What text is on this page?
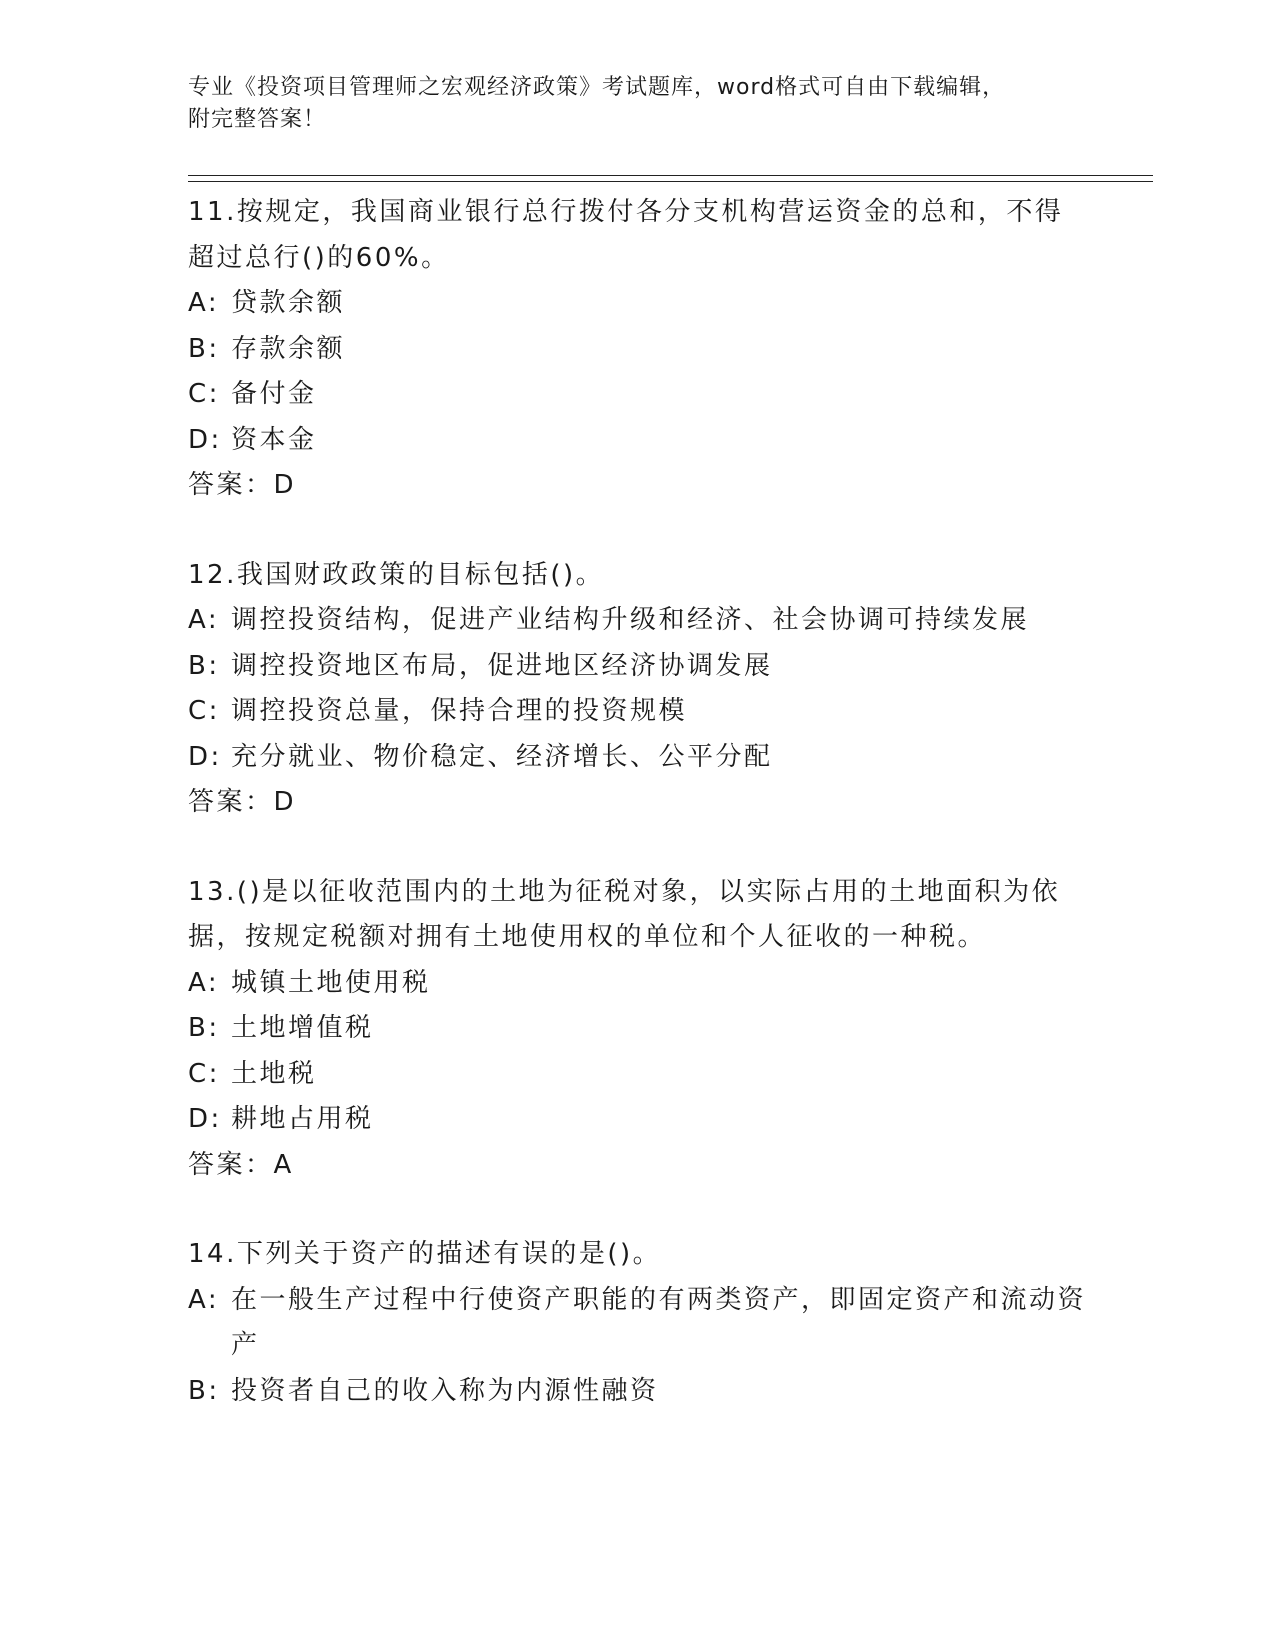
专业《投资项目管理师之宏观经济政策》考试题库，word格式可自由下载编辑，
附完整答案！
11.按规定，我国商业银行总行拨付各分支机构营运资金的总和，不得超过总行()的60%。
A: 贷款余额
B: 存款余额
C: 备付金
D: 资本金
答案：D
12.我国财政政策的目标包括()。
A: 调控投资结构，促进产业结构升级和经济、社会协调可持续发展
B: 调控投资地区布局，促进地区经济协调发展
C: 调控投资总量，保持合理的投资规模
D: 充分就业、物价稳定、经济增长、公平分配
答案：D
13.()是以征收范围内的土地为征税对象，以实际占用的土地面积为依据，按规定税额对拥有土地使用权的单位和个人征收的一种税。
A: 城镇土地使用税
B: 土地增值税
C: 土地税
D: 耕地占用税
答案：A
14.下列关于资产的描述有误的是()。
A: 在一般生产过程中行使资产职能的有两类资产，即固定资产和流动资产
B: 投资者自己的收入称为内源性融资
